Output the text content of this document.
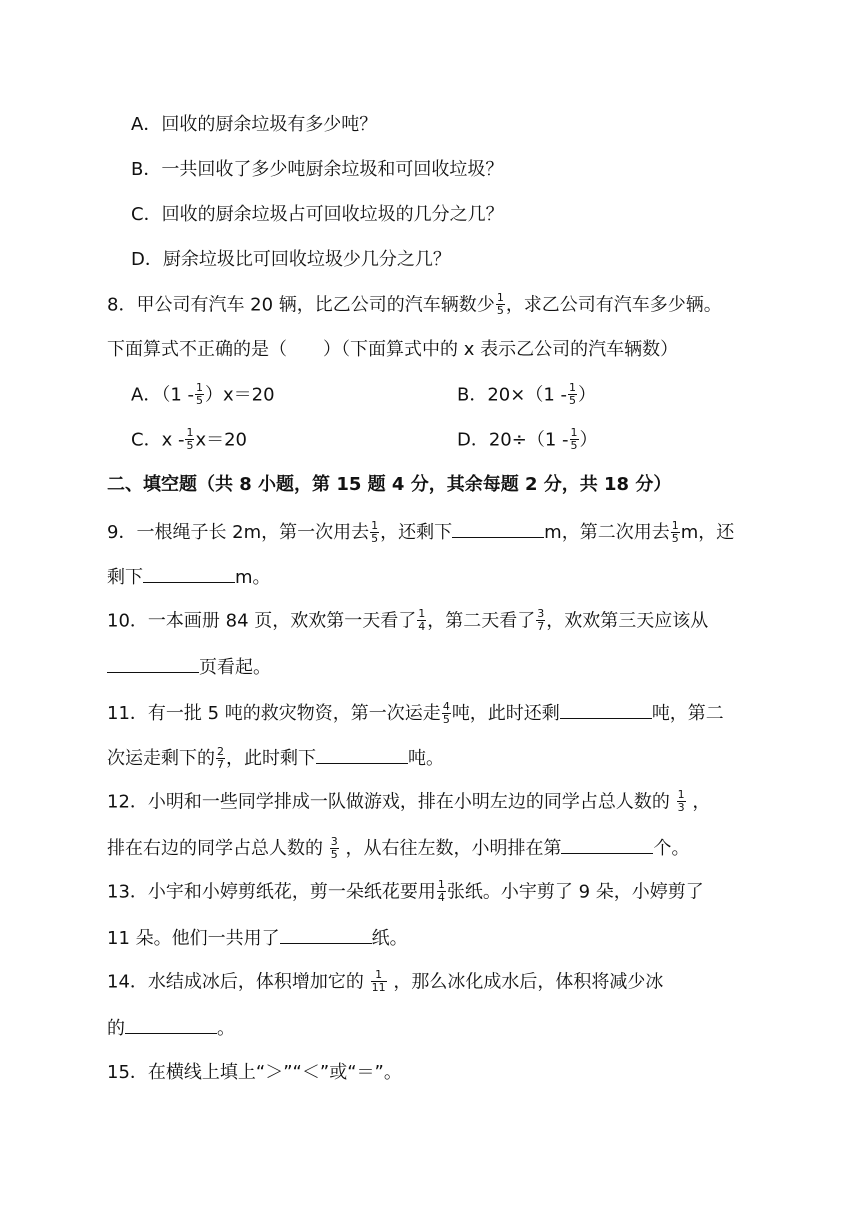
A．回收的厨余垃圾有多少吨？
B．一共回收了多少吨厨余垃圾和可回收垃圾？
C．回收的厨余垃圾占可回收垃圾的几分之几？
D．厨余垃圾比可回收垃圾少几分之几？
8．甲公司有汽车 20 辆，比乙公司的汽车辆数少 $\frac{1}{5}$ ，求乙公司有汽车多少辆。
下面算式不正确的是（　　）（下面算式中的 x 表示乙公司的汽车辆数）
A．$(1 - \frac{1}{5} )x=20$	B．$20\times(1 - \frac{1}{5}$ ）
C．$x - \frac{1}{5} x=20$	D．$20\div(1 - \frac{1}{5}$ ）
二、填空题（共 8 小题，第 15 题 4 分，其余每题 2 分，共 18 分）
9．一根绳子长 2m，第一次用去 $\frac{1}{5}$ ，还剩下	m，第二次用去 $\frac{1}{5}$ m，还
剩下	m。
10．一本画册 84 页，欢欢第一天看了 $\frac{1}{4}$ ，第二天看了 $\frac{3}{7}$ ，欢欢第三天应该从
页看起。
11．有一批 5 吨的救灾物资，第一次运走 $\frac{4}{5}$ 吨，此时还剩	吨，第二
次运走剩下的 $\frac{2}{7}$ ，此时剩下	吨。
12．小明和一些同学排成一队做游戏，排在小明左边的同学占总人数的 $\frac{1}{3}$ ，
排在右边的同学占总人数的 $\frac{3}{5}$ ，从右往左数，小明排在第	个。
13．小宇和小婷剪纸花，剪一朵纸花要用 $\frac{1}{4}$ 张纸。小宇剪了 9 朵，小婷剪了
11 朵。他们一共用了	纸。
14．水结成冰后，体积增加它的 $\frac{1}{11}$ ，那么冰化成水后，体积将减少冰
的	。
15．在横线上填上“＞”“＜”或“＝”。
